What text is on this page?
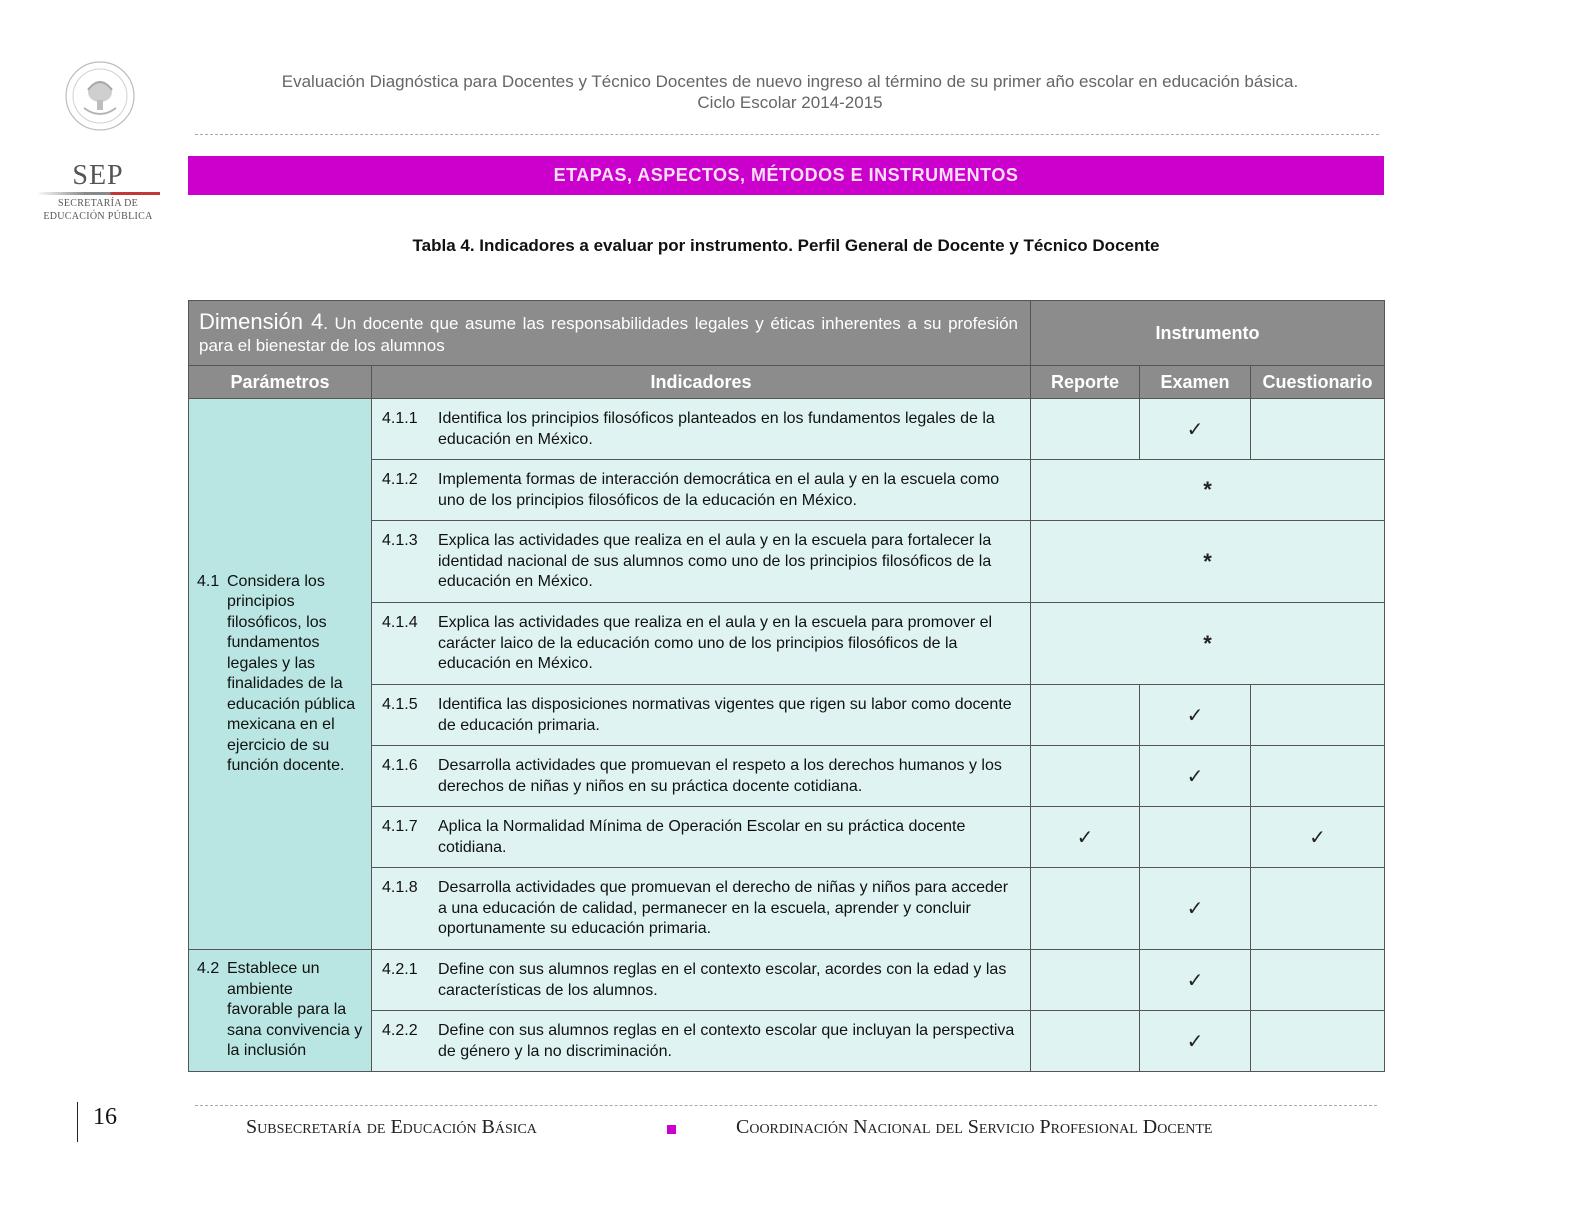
SEP
SECRETARÍA DE
EDUCACIÓN PÚBLICA
Evaluación Diagnóstica para Docentes y Técnico Docentes de nuevo ingreso al término de su primer año escolar en educación básica.
Ciclo Escolar 2014-2015
ETAPAS, ASPECTOS, MÉTODOS E INSTRUMENTOS
Tabla 4. Indicadores a evaluar por instrumento. Perfil General de Docente y Técnico Docente
Dimensión 4. Un docente que asume las responsabilidades legales y éticas inherentes a su profesión para el bienestar de los alumnos		Instrumento		
Parámetros	Indicadores	Reporte	Examen	Cuestionario

4.1 Considera los principios filosóficos, los fundamentos legales y las finalidades de la educación pública mexicana en el ejercicio de su función docente.	4.1.1 Identifica los principios filosóficos planteados en los fundamentos legales de la educación en México.		✓	

	4.1.2 Implementa formas de interacción democrática en el aula y en la escuela como uno de los principios filosóficos de la educación en México.	*		

	4.1.3 Explica las actividades que realiza en el aula y en la escuela para fortalecer la identidad nacional de sus alumnos como uno de los principios filosóficos de la educación en México.	*		

	4.1.4 Explica las actividades que realiza en el aula y en la escuela para promover el carácter laico de la educación como uno de los principios filosóficos de la educación en México.	*		

	4.1.5 Identifica las disposiciones normativas vigentes que rigen su labor como docente de educación primaria.		✓	

	4.1.6 Desarrolla actividades que promuevan el respeto a los derechos humanos y los derechos de niñas y niños en su práctica docente cotidiana.		✓	

	4.1.7 Aplica la Normalidad Mínima de Operación Escolar en su práctica docente cotidiana.	✓		✓

	4.1.8 Desarrolla actividades que promuevan el derecho de niñas y niños para acceder a una educación de calidad, permanecer en la escuela, aprender y concluir oportunamente su educación primaria.		✓	

4.2 Establece un ambiente favorable para la sana convivencia y la inclusión	4.2.1 Define con sus alumnos reglas en el contexto escolar, acordes con la edad y las características de los alumnos.		✓	

	4.2.2 Define con sus alumnos reglas en el contexto escolar que incluyan la perspectiva de género y la no discriminación.		✓	
16	Subsecretaría de Educación Básica	Coordinación Nacional del Servicio Profesional Docente
